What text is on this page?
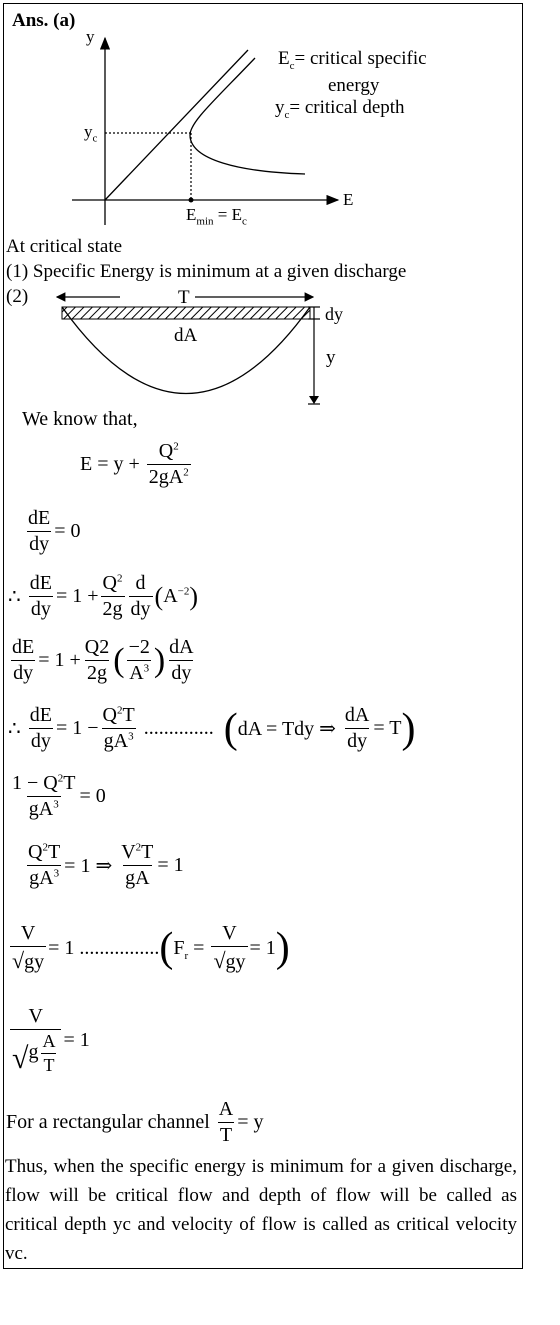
Ans. (a)
y
E
$y_c$
$E_{min} = E_c$
$E_c=$ critical specific
energy
$y_c=$ critical depth
At critical state
(1) Specific Energy is minimum at a given discharge
(2)	T
dy
dA
y
We know that,
$E = y + \frac{Q^2}{2gA^2}$
$\frac{dE}{dy} = 0$
∴ $\frac{dE}{dy} = 1 + \frac{Q^2}{2g} \frac{d}{dy}$ ( $A^{-2}$ )
$\frac{dE}{dy} = 1 + \frac{Q2}{2g}$ ( $\frac{-2}{A^3}$ ) $\frac{dA}{dy}$
∴ $\frac{dE}{dy} = 1 - \frac{Q^2T}{gA^3}$ .............. ( dA = Tdy ⇒ $\frac{dA}{dy} = T$ )
$\frac{1 - Q^2T}{gA^3} = 0$
$\frac{Q^2T}{gA^3} = 1$ ⇒ $\frac{V^2T}{gA} = 1$
$\frac{V}{√gy} = 1$ ................ ( $F_r = \frac{V}{√gy} = 1$ )
$\frac{V}{√g \frac{A}{T}} = 1$
For a rectangular channel
$\frac{A}{T} = y$
Thus, when the specific energy is minimum for a given discharge, flow will be critical flow and depth of flow will be called as critical depth yc and velocity of flow is called as critical velocity vc.
